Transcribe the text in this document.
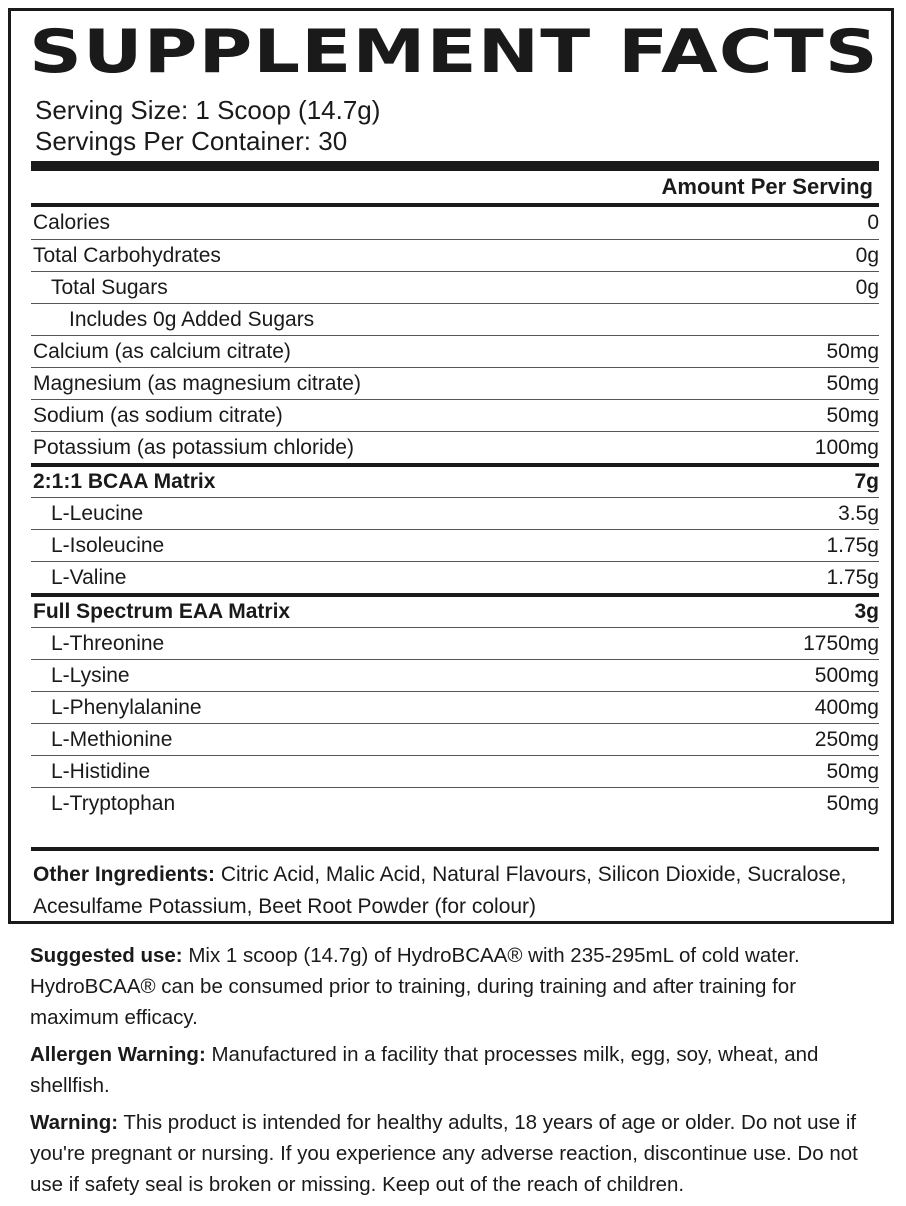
SUPPLEMENT FACTS
Serving Size: 1 Scoop (14.7g)
Servings Per Container: 30
Amount Per Serving
Calories	0
Total Carbohydrates	0g
Total Sugars	0g
Includes 0g Added Sugars
Calcium (as calcium citrate)	50mg
Magnesium (as magnesium citrate)	50mg
Sodium (as sodium citrate)	50mg
Potassium (as potassium chloride)	100mg
2:1:1 BCAA Matrix	7g
L-Leucine	3.5g
L-Isoleucine	1.75g
L-Valine	1.75g
Full Spectrum EAA Matrix	3g
L-Threonine	1750mg
L-Lysine	500mg
L-Phenylalanine	400mg
L-Methionine	250mg
L-Histidine	50mg
L-Tryptophan	50mg
Other Ingredients: Citric Acid, Malic Acid, Natural Flavours, Silicon Dioxide, Sucralose, Acesulfame Potassium, Beet Root Powder (for colour)

Suggested use: Mix 1 scoop (14.7g) of HydroBCAA® with 235-295mL of cold water. HydroBCAA® can be consumed prior to training, during training and after training for maximum efficacy.

Allergen Warning: Manufactured in a facility that processes milk, egg, soy, wheat, and shellfish.

Warning: This product is intended for healthy adults, 18 years of age or older. Do not use if you're pregnant or nursing. If you experience any adverse reaction, discontinue use. Do not use if safety seal is broken or missing. Keep out of the reach of children.
